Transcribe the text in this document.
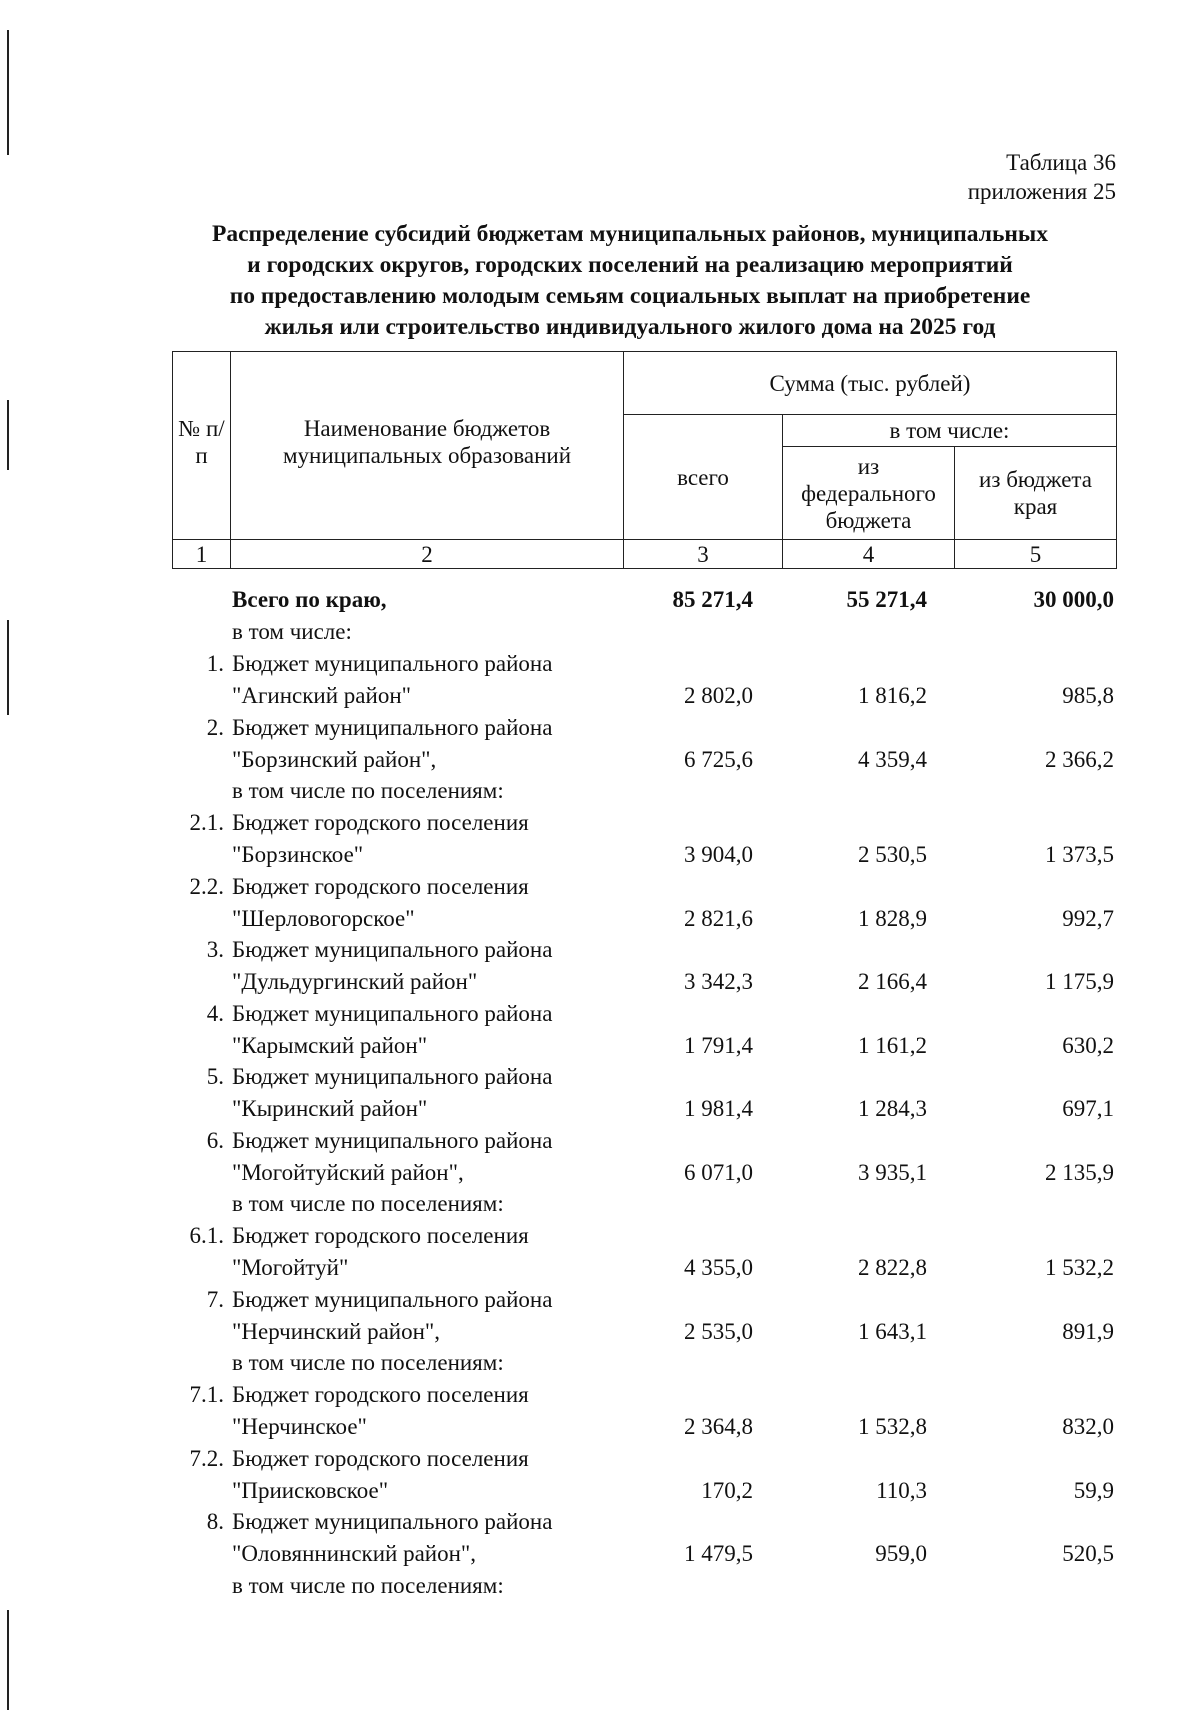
Таблица 36
приложения 25
Распределение субсидий бюджетам муниципальных районов, муниципальных
и городских округов, городских поселений на реализацию мероприятий
по предоставлению молодым семьям социальных выплат на приобретение
жилья или строительство индивидуального жилого дома на 2025 год
№ п/п	Наименование бюджетов муниципальных образований	Сумма (тыс. рублей)		
		всего	в том числе:	
			из федерального бюджета	из бюджета края
1	2	3	4	5
Всего по краю,	85 271,4	55 271,4	30 000,0
в том числе:
1. Бюджет муниципального района "Агинский район"	2 802,0	1 816,2	985,8
2. Бюджет муниципального района "Борзинский район",	6 725,6	4 359,4	2 366,2
в том числе по поселениям:
2.1. Бюджет городского поселения "Борзинское"	3 904,0	2 530,5	1 373,5
2.2. Бюджет городского поселения "Шерловогорское"	2 821,6	1 828,9	992,7
3. Бюджет муниципального района "Дульдургинский район"	3 342,3	2 166,4	1 175,9
4. Бюджет муниципального района "Карымский район"	1 791,4	1 161,2	630,2
5. Бюджет муниципального района "Кыринский район"	1 981,4	1 284,3	697,1
6. Бюджет муниципального района "Могойтуйский район",	6 071,0	3 935,1	2 135,9
в том числе по поселениям:
6.1. Бюджет городского поселения "Могойтуй"	4 355,0	2 822,8	1 532,2
7. Бюджет муниципального района "Нерчинский район",	2 535,0	1 643,1	891,9
в том числе по поселениям:
7.1. Бюджет городского поселения "Нерчинское"	2 364,8	1 532,8	832,0
7.2. Бюджет городского поселения "Приисковское"	170,2	110,3	59,9
8. Бюджет муниципального района "Оловяннинский район",	1 479,5	959,0	520,5
в том числе по поселениям:
